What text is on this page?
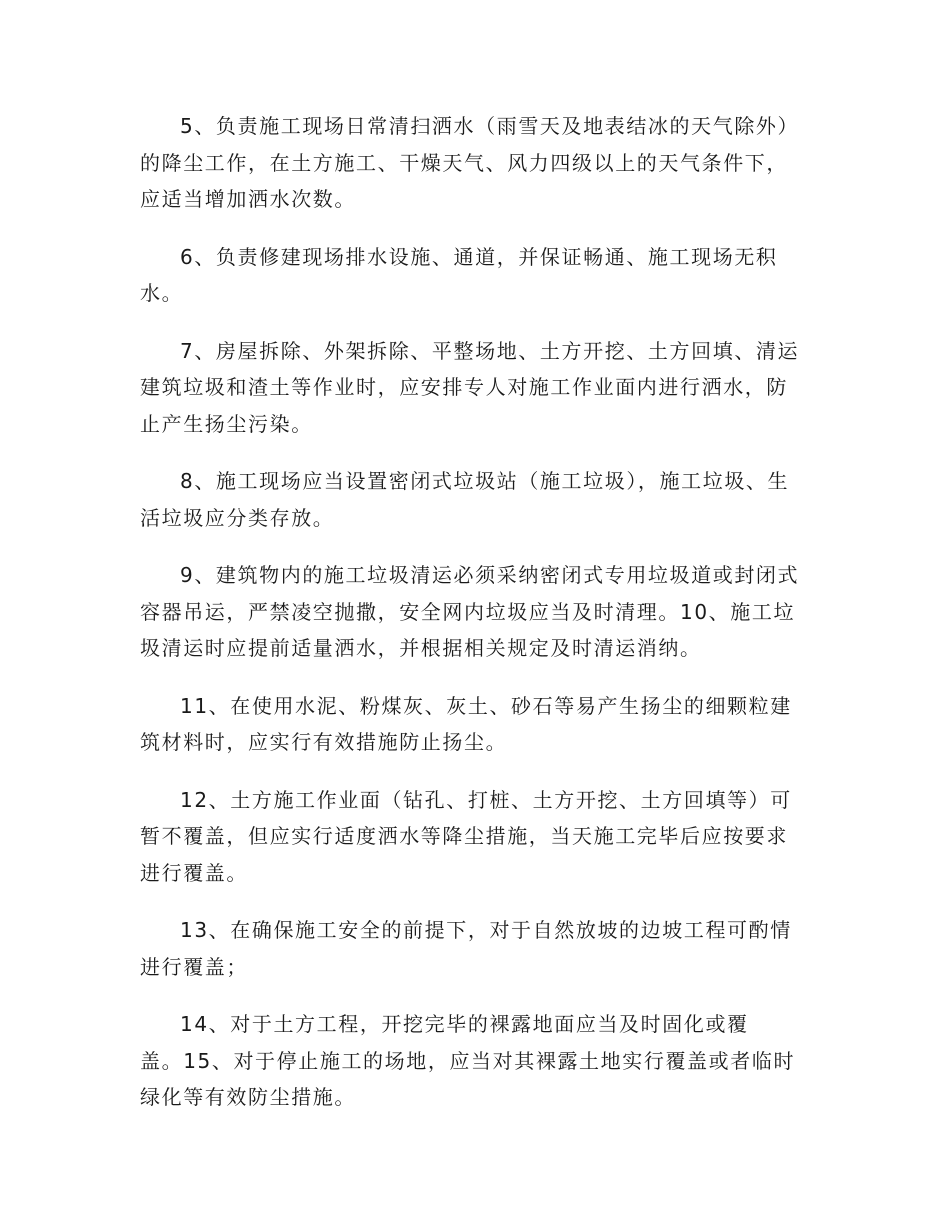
5、负责施工现场日常清扫洒水（雨雪天及地表结冰的天气除外）
的降尘工作，在土方施工、干燥天气、风力四级以上的天气条件下，
应适当增加洒水次数。

6、负责修建现场排水设施、通道，并保证畅通、施工现场无积
水。

7、房屋拆除、外架拆除、平整场地、土方开挖、土方回填、清运
建筑垃圾和渣土等作业时，应安排专人对施工作业面内进行洒水，防
止产生扬尘污染。

8、施工现场应当设置密闭式垃圾站（施工垃圾），施工垃圾、生
活垃圾应分类存放。

9、建筑物内的施工垃圾清运必须采纳密闭式专用垃圾道或封闭式
容器吊运，严禁凌空抛撒，安全网内垃圾应当及时清理。10、施工垃
圾清运时应提前适量洒水，并根据相关规定及时清运消纳。

11、在使用水泥、粉煤灰、灰土、砂石等易产生扬尘的细颗粒建
筑材料时，应实行有效措施防止扬尘。

12、土方施工作业面（钻孔、打桩、土方开挖、土方回填等）可
暂不覆盖，但应实行适度洒水等降尘措施，当天施工完毕后应按要求
进行覆盖。

13、在确保施工安全的前提下，对于自然放坡的边坡工程可酌情
进行覆盖；

14、对于土方工程，开挖完毕的裸露地面应当及时固化或覆
盖。15、对于停止施工的场地，应当对其裸露土地实行覆盖或者临时
绿化等有效防尘措施。
